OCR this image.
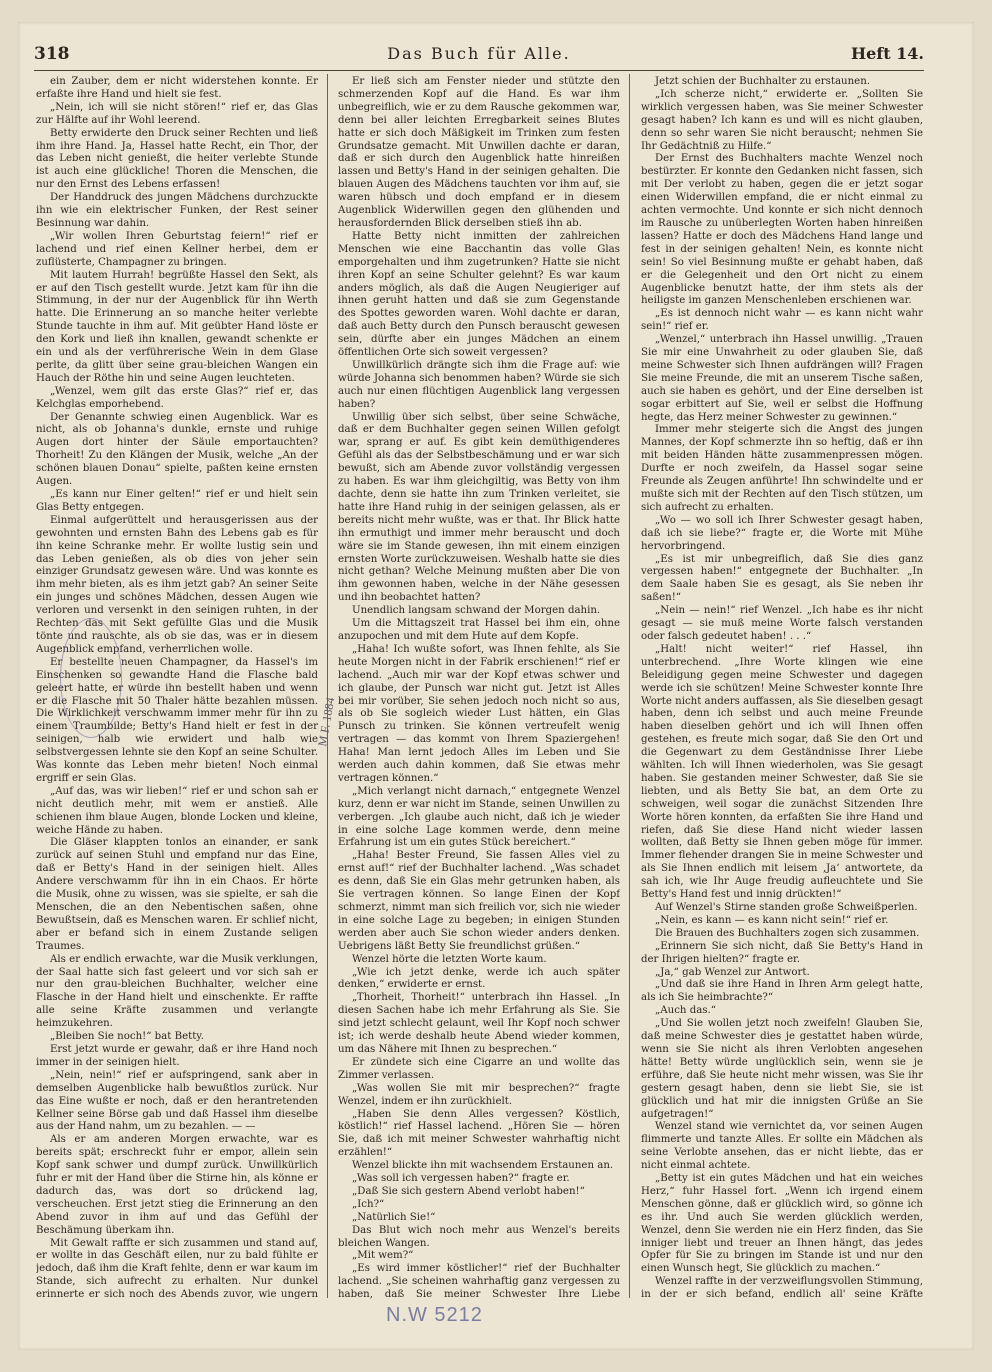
318	Das Buch für Alle.	Heft 14.

ein Zauber, dem er nicht widerstehen konnte. Er erfaßte ihre Hand und hielt sie fest.

„Nein, ich will sie nicht stören!“ rief er, das Glas zur Hälfte auf ihr Wohl leerend.

Betty erwiderte den Druck seiner Rechten und ließ ihm ihre Hand. Ja, Hassel hatte Recht, ein Thor, der das Leben nicht genießt, die heiter verlebte Stunde ist auch eine glückliche! Thoren die Menschen, die nur den Ernst des Lebens erfassen!

Der Handdruck des jungen Mädchens durchzuckte ihn wie ein elektrischer Funken, der Rest seiner Besinnung war dahin.

„Wir wollen Ihren Geburtstag feiern!“ rief er lachend und rief einen Kellner herbei, dem er zuflüsterte, Champagner zu bringen.

Mit lautem Hurrah! begrüßte Hassel den Sekt, als er auf den Tisch gestellt wurde. Jetzt kam für ihn die Stimmung, in der nur der Augenblick für ihn Werth hatte. Die Erinnerung an so manche heiter verlebte Stunde tauchte in ihm auf. Mit geübter Hand löste er den Kork und ließ ihn knallen, gewandt schenkte er ein und als der verführerische Wein in dem Glase perlte, da glitt über seine grau-bleichen Wangen ein Hauch der Röthe hin und seine Augen leuchteten.

„Wenzel, wem gilt das erste Glas?“ rief er, das Kelchglas emporhebend.

Der Genannte schwieg einen Augenblick. War es nicht, als ob Johanna's dunkle, ernste und ruhige Augen dort hinter der Säule emportauchten? Thorheit! Zu den Klängen der Musik, welche „An der schönen blauen Donau“ spielte, paßten keine ernsten Augen.

„Es kann nur Einer gelten!“ rief er und hielt sein Glas Betty entgegen.

Einmal aufgerüttelt und herausgerissen aus der gewohnten und ernsten Bahn des Lebens gab es für ihn keine Schranke mehr. Er wollte lustig sein und das Leben genießen, als ob dies von jeher sein einziger Grundsatz gewesen wäre. Und was konnte es ihm mehr bieten, als es ihm jetzt gab? An seiner Seite ein junges und schönes Mädchen, dessen Augen wie verloren und versenkt in den seinigen ruhten, in der Rechten das mit Sekt gefüllte Glas und die Musik tönte und rauschte, als ob sie das, was er in diesem Augenblick empfand, verherrlichen wolle.

Er bestellte neuen Champagner, da Hassel's im Einschenken so gewandte Hand die Flasche bald geleert hatte, er würde ihn bestellt haben und wenn er die Flasche mit 50 Thaler hätte bezahlen müssen. Die Wirklichkeit verschwamm immer mehr für ihn zu einem Traumbilde; Betty's Hand hielt er fest in der seinigen, halb wie erwidert und halb wie selbstvergessen lehnte sie den Kopf an seine Schulter. Was konnte das Leben mehr bieten! Noch einmal ergriff er sein Glas.

„Auf das, was wir lieben!“ rief er und schon sah er nicht deutlich mehr, mit wem er anstieß. Alle schienen ihm blaue Augen, blonde Locken und kleine, weiche Hände zu haben.

Die Gläser klappten tonlos an einander, er sank zurück auf seinen Stuhl und empfand nur das Eine, daß er Betty's Hand in der seinigen hielt. Alles Andere verschwamm für ihn in ein Chaos. Er hörte die Musik, ohne zu wissen, was sie spielte, er sah die Menschen, die an den Nebentischen saßen, ohne Bewußtsein, daß es Menschen waren. Er schlief nicht, aber er befand sich in einem Zustande seligen Traumes.

Als er endlich erwachte, war die Musik verklungen, der Saal hatte sich fast geleert und vor sich sah er nur den grau-bleichen Buchhalter, welcher eine Flasche in der Hand hielt und einschenkte. Er raffte alle seine Kräfte zusammen und verlangte heimzukehren.

„Bleiben Sie noch!“ bat Betty.

Erst jetzt wurde er gewahr, daß er ihre Hand noch immer in der seinigen hielt.

„Nein, nein!“ rief er aufspringend, sank aber in demselben Augenblicke halb bewußtlos zurück. Nur das Eine wußte er noch, daß er den herantretenden Kellner seine Börse gab und daß Hassel ihm dieselbe aus der Hand nahm, um zu bezahlen. — —

Als er am anderen Morgen erwachte, war es bereits spät; erschreckt fuhr er empor, allein sein Kopf sank schwer und dumpf zurück. Unwillkürlich fuhr er mit der Hand über die Stirne hin, als könne er dadurch das, was dort so drückend lag, verscheuchen. Erst jetzt stieg die Erinnerung an den Abend zuvor in ihm auf und das Gefühl der Beschämung überkam ihn.

Mit Gewalt raffte er sich zusammen und stand auf, er wollte in das Geschäft eilen, nur zu bald fühlte er jedoch, daß ihm die Kraft fehlte, denn er war kaum im Stande, sich aufrecht zu erhalten. Nur dunkel erinnerte er sich noch des Abends zuvor, wie ungern

Er ließ sich am Fenster nieder und stützte den schmerzenden Kopf auf die Hand. Es war ihm unbegreiflich, wie er zu dem Rausche gekommen war, denn bei aller leichten Erregbarkeit seines Blutes hatte er sich doch Mäßigkeit im Trinken zum festen Grundsatze gemacht. Mit Unwillen dachte er daran, daß er sich durch den Augenblick hatte hinreißen lassen und Betty's Hand in der seinigen gehalten. Die blauen Augen des Mädchens tauchten vor ihm auf, sie waren hübsch und doch empfand er in diesem Augenblick Widerwillen gegen den glühenden und herausfordernden Blick derselben stieß ihn ab.

Hatte Betty nicht inmitten der zahlreichen Menschen wie eine Bacchantin das volle Glas emporgehalten und ihm zugetrunken? Hatte sie nicht ihren Kopf an seine Schulter gelehnt? Es war kaum anders möglich, als daß die Augen Neugieriger auf ihnen geruht hatten und daß sie zum Gegenstande des Spottes geworden waren. Wohl dachte er daran, daß auch Betty durch den Punsch berauscht gewesen sein, dürfte aber ein junges Mädchen an einem öffentlichen Orte sich soweit vergessen?

Unwillkürlich drängte sich ihm die Frage auf: wie würde Johanna sich benommen haben? Würde sie sich auch nur einen flüchtigen Augenblick lang vergessen haben?

Unwillig über sich selbst, über seine Schwäche, daß er dem Buchhalter gegen seinen Willen gefolgt war, sprang er auf. Es gibt kein demüthigenderes Gefühl als das der Selbstbeschämung und er war sich bewußt, sich am Abende zuvor vollständig vergessen zu haben. Es war ihm gleichgiltig, was Betty von ihm dachte, denn sie hatte ihn zum Trinken verleitet, sie hatte ihre Hand ruhig in der seinigen gelassen, als er bereits nicht mehr wußte, was er that. Ihr Blick hatte ihn ermuthigt und immer mehr berauscht und doch wäre sie im Stande gewesen, ihn mit einem einzigen ernsten Worte zurückzuweisen. Weshalb hatte sie dies nicht gethan? Welche Meinung mußten aber Die von ihm gewonnen haben, welche in der Nähe gesessen und ihn beobachtet hatten?

Unendlich langsam schwand der Morgen dahin.

Um die Mittagszeit trat Hassel bei ihm ein, ohne anzupochen und mit dem Hute auf dem Kopfe.

„Haha! Ich wußte sofort, was Ihnen fehlte, als Sie heute Morgen nicht in der Fabrik erschienen!“ rief er lachend. „Auch mir war der Kopf etwas schwer und ich glaube, der Punsch war nicht gut. Jetzt ist Alles bei mir vorüber, Sie sehen jedoch noch nicht so aus, als ob Sie sogleich wieder Lust hätten, ein Glas Punsch zu trinken. Sie können vertreufelt wenig vertragen — das kommt von Ihrem Spaziergehen! Haha! Man lernt jedoch Alles im Leben und Sie werden auch dahin kommen, daß Sie etwas mehr vertragen können.“

„Mich verlangt nicht darnach,“ entgegnete Wenzel kurz, denn er war nicht im Stande, seinen Unwillen zu verbergen. „Ich glaube auch nicht, daß ich je wieder in eine solche Lage kommen werde, denn meine Erfahrung ist um ein gutes Stück bereichert.“

„Haha! Bester Freund, Sie fassen Alles viel zu ernst auf!“ rief der Buchhalter lachend. „Was schadet es denn, daß Sie ein Glas mehr getrunken haben, als Sie vertragen können. So lange Einen der Kopf schmerzt, nimmt man sich freilich vor, sich nie wieder in eine solche Lage zu begeben; in einigen Stunden werden aber auch Sie schon wieder anders denken. Uebrigens läßt Betty Sie freundlichst grüßen.“

Wenzel hörte die letzten Worte kaum.

„Wie ich jetzt denke, werde ich auch später denken,“ erwiderte er ernst.

„Thorheit, Thorheit!“ unterbrach ihn Hassel. „In diesen Sachen habe ich mehr Erfahrung als Sie. Sie sind jetzt schlecht gelaunt, weil Ihr Kopf noch schwer ist; ich werde deshalb heute Abend wieder kommen, um das Nähere mit Ihnen zu besprechen.“

Er zündete sich eine Cigarre an und wollte das Zimmer verlassen.

„Was wollen Sie mit mir besprechen?“ fragte Wenzel, indem er ihn zurückhielt.

„Haben Sie denn Alles vergessen? Köstlich, köstlich!“ rief Hassel lachend. „Hören Sie — hören Sie, daß ich mit meiner Schwester wahrhaftig nicht erzählen!“

Wenzel blickte ihn mit wachsendem Erstaunen an.

„Was soll ich vergessen haben?“ fragte er.

„Daß Sie sich gestern Abend verlobt haben!“

„Ich?“

„Natürlich Sie!“

Das Blut wich noch mehr aus Wenzel's bereits bleichen Wangen.

„Mit wem?“

„Es wird immer köstlicher!“ rief der Buchhalter lachend. „Sie scheinen wahrhaftig ganz vergessen zu haben, daß Sie meiner Schwester Ihre Liebe

Jetzt schien der Buchhalter zu erstaunen.

„Ich scherze nicht,“ erwiderte er. „Sollten Sie wirklich vergessen haben, was Sie meiner Schwester gesagt haben? Ich kann es und will es nicht glauben, denn so sehr waren Sie nicht berauscht; nehmen Sie Ihr Gedächtniß zu Hilfe.“

Der Ernst des Buchhalters machte Wenzel noch bestürzter. Er konnte den Gedanken nicht fassen, sich mit Der verlobt zu haben, gegen die er jetzt sogar einen Widerwillen empfand, die er nicht einmal zu achten vermochte. Und konnte er sich nicht dennoch im Rausche zu unüberlegten Worten haben hinreißen lassen? Hatte er doch des Mädchens Hand lange und fest in der seinigen gehalten! Nein, es konnte nicht sein! So viel Besinnung mußte er gehabt haben, daß er die Gelegenheit und den Ort nicht zu einem Augenblicke benutzt hatte, der ihm stets als der heiligste im ganzen Menschenleben erschienen war.

„Es ist dennoch nicht wahr — es kann nicht wahr sein!“ rief er.

„Wenzel,“ unterbrach ihn Hassel unwillig. „Trauen Sie mir eine Unwahrheit zu oder glauben Sie, daß meine Schwester sich Ihnen aufdrängen will? Fragen Sie meine Freunde, die mit an unserem Tische saßen, auch sie haben es gehört, und der Eine derselben ist sogar erbittert auf Sie, weil er selbst die Hoffnung hegte, das Herz meiner Schwester zu gewinnen.“

Immer mehr steigerte sich die Angst des jungen Mannes, der Kopf schmerzte ihn so heftig, daß er ihn mit beiden Händen hätte zusammenpressen mögen. Durfte er noch zweifeln, da Hassel sogar seine Freunde als Zeugen anführte! Ihn schwindelte und er mußte sich mit der Rechten auf den Tisch stützen, um sich aufrecht zu erhalten.

„Wo — wo soll ich Ihrer Schwester gesagt haben, daß ich sie liebe?“ fragte er, die Worte mit Mühe hervorbringend.

„Es ist mir unbegreiflich, daß Sie dies ganz vergessen haben!“ entgegnete der Buchhalter. „In dem Saale haben Sie es gesagt, als Sie neben ihr saßen!“

„Nein — nein!“ rief Wenzel. „Ich habe es ihr nicht gesagt — sie muß meine Worte falsch verstanden oder falsch gedeutet haben! . . .“

„Halt! nicht weiter!“ rief Hassel, ihn unterbrechend. „Ihre Worte klingen wie eine Beleidigung gegen meine Schwester und dagegen werde ich sie schützen! Meine Schwester konnte Ihre Worte nicht anders auffassen, als Sie dieselben gesagt haben, denn ich selbst und auch meine Freunde haben dieselben gehört und ich will Ihnen offen gestehen, es freute mich sogar, daß Sie den Ort und die Gegenwart zu dem Geständnisse Ihrer Liebe wählten. Ich will Ihnen wiederholen, was Sie gesagt haben. Sie gestanden meiner Schwester, daß Sie sie liebten, und als Betty Sie bat, an dem Orte zu schweigen, weil sogar die zunächst Sitzenden Ihre Worte hören konnten, da erfaßten Sie ihre Hand und riefen, daß Sie diese Hand nicht wieder lassen wollten, daß Betty sie Ihnen geben möge für immer. Immer flehender drangen Sie in meine Schwester und als Sie Ihnen endlich mit leisem ‚Ja‘ antwortete, da sah ich, wie Ihr Auge freudig aufleuchtete und Sie Betty's Hand fest und innig drückten!“

Auf Wenzel's Stirne standen große Schweißperlen.

„Nein, es kann — es kann nicht sein!“ rief er.

Die Brauen des Buchhalters zogen sich zusammen.

„Erinnern Sie sich nicht, daß Sie Betty's Hand in der Ihrigen hielten?“ fragte er.

„Ja,“ gab Wenzel zur Antwort.

„Und daß sie ihre Hand in Ihren Arm gelegt hatte, als ich Sie heimbrachte?“

„Auch das.“

„Und Sie wollen jetzt noch zweifeln! Glauben Sie, daß meine Schwester dies je gestattet haben würde, wenn sie Sie nicht als ihren Verlobten angesehen hätte! Betty würde unglücklich sein, wenn sie je erführe, daß Sie heute nicht mehr wissen, was Sie ihr gestern gesagt haben, denn sie liebt Sie, sie ist glücklich und hat mir die innigsten Grüße an Sie aufgetragen!“

Wenzel stand wie vernichtet da, vor seinen Augen flimmerte und tanzte Alles. Er sollte ein Mädchen als seine Verlobte ansehen, das er nicht liebte, das er nicht einmal achtete.

„Betty ist ein gutes Mädchen und hat ein weiches Herz,“ fuhr Hassel fort. „Wenn ich irgend einem Menschen gönne, daß er glücklich wird, so gönne ich es ihr. Und auch Sie werden glücklich werden, Wenzel, denn Sie werden nie ein Herz finden, das Sie inniger liebt und treuer an Ihnen hängt, das jedes Opfer für Sie zu bringen im Stande ist und nur den einen Wunsch hegt, Sie glücklich zu machen.“

Wenzel raffte in der verzweiflungsvollen Stimmung, in der er sich befand, endlich all' seine Kräfte

M.F. 1884
N.W 5212
